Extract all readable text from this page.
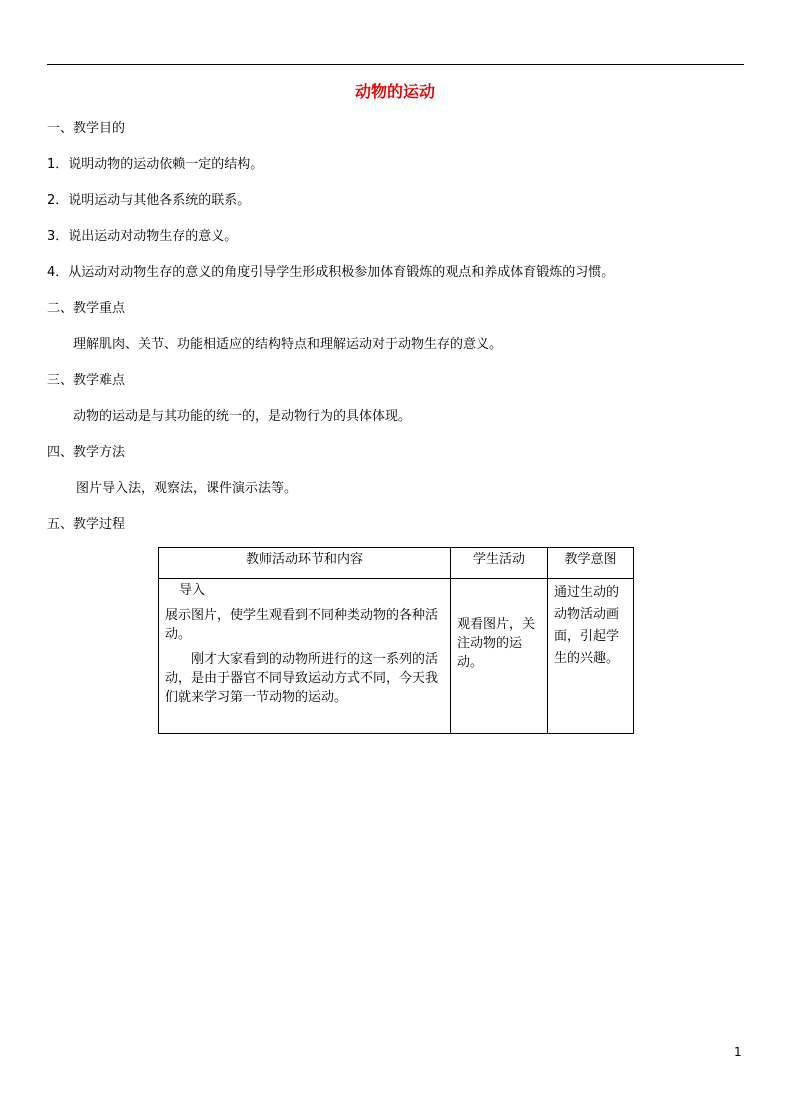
动物的运动
一、教学目的
1．说明动物的运动依赖一定的结构。
2．说明运动与其他各系统的联系。
3．说出运动对动物生存的意义。
4．从运动对动物生存的意义的角度引导学生形成积极参加体育锻炼的观点和养成体育锻炼的习惯。
二、教学重点
理解肌肉、关节、功能相适应的结构特点和理解运动对于动物生存的意义。
三、教学难点
动物的运动是与其功能的统一的，是动物行为的具体体现。
四、教学方法
图片导入法，观察法，课件演示法等。
五、教学过程
教师活动环节和内容	学生活动	教学意图

导入

展示图片，使学生观看到不同种类动物的各种活动。

刚才大家看到的动物所进行的这一系列的活动，是由于器官不同导致运动方式不同，今天我们就来学习第一节动物的运动。	观看图片，关注动物的运动。	通过生动的动物活动画面，引起学生的兴趣。
1
